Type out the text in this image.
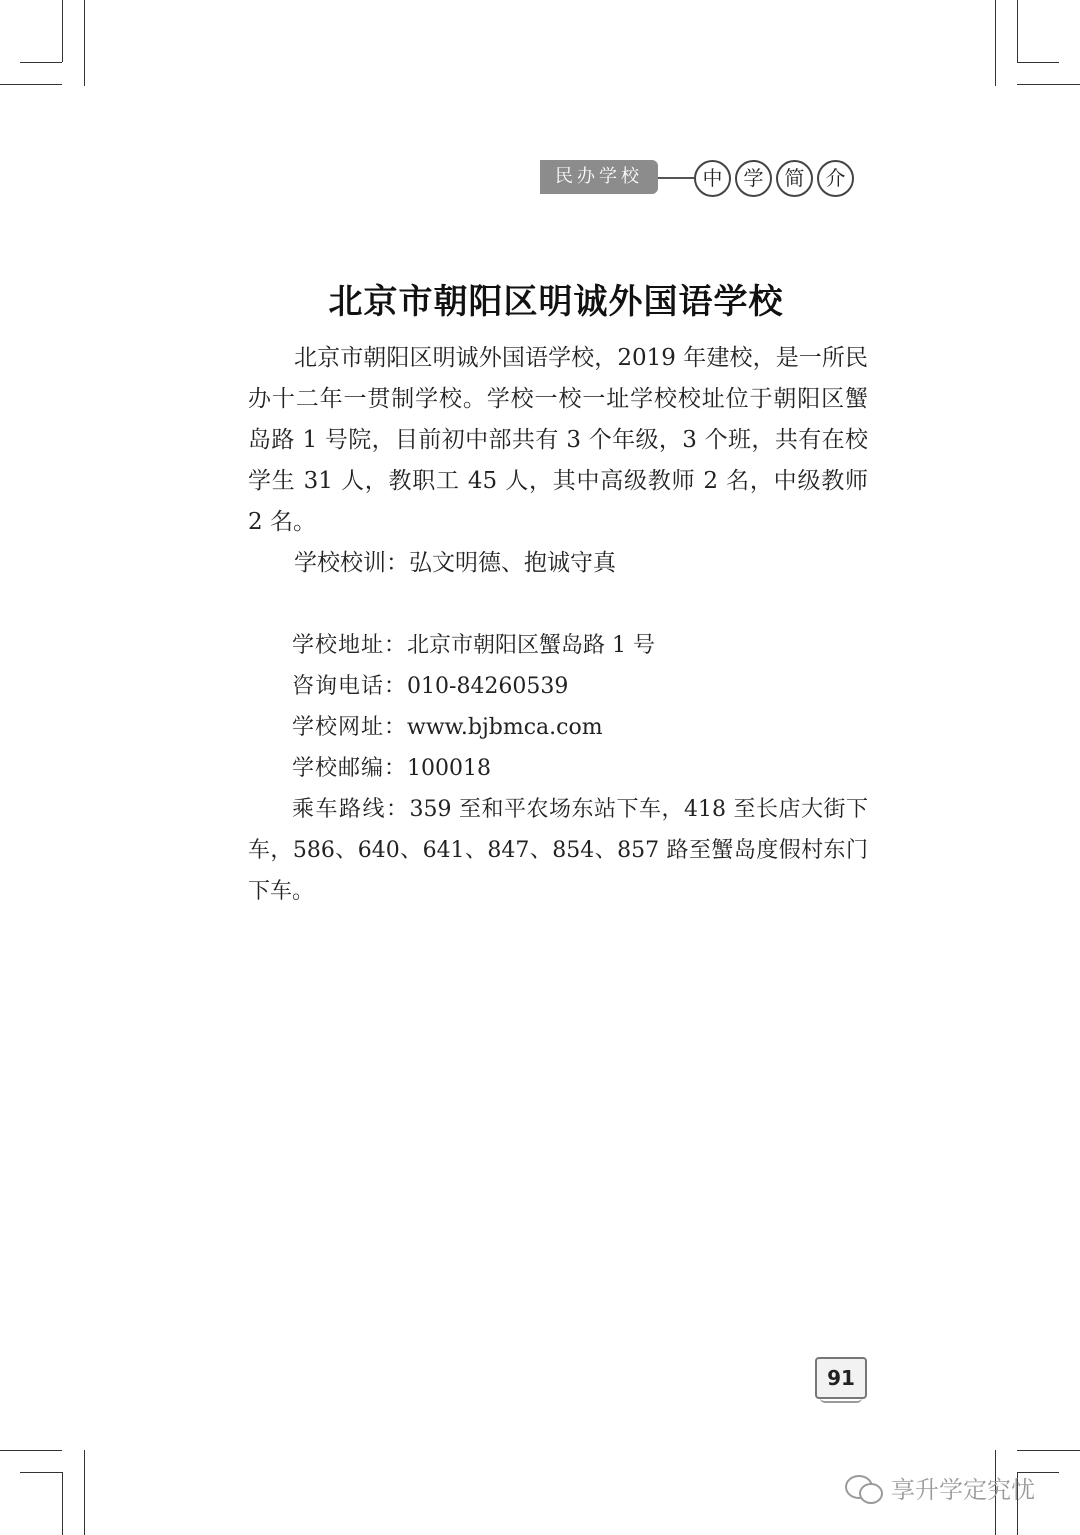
民办学校	中	学	简	介
北京市朝阳区明诚外国语学校

北京市朝阳区明诚外国语学校，2019 年建校，是一所民办十二年一贯制学校。学校一校一址学校校址位于朝阳区蟹岛路 1 号院，目前初中部共有 3 个年级，3 个班，共有在校学生 31 人，教职工 45 人，其中高级教师 2 名，中级教师 2 名。

学校校训：弘文明德、抱诚守真

学校地址：北京市朝阳区蟹岛路 1 号

咨询电话：010-84260539

学校网址：www.bjbmca.com

学校邮编：100018

乘车路线：359 至和平农场东站下车，418 至长店大街下车，586、640、641、847、854、857 路至蟹岛度假村东门下车。

91
享升学定究忧
